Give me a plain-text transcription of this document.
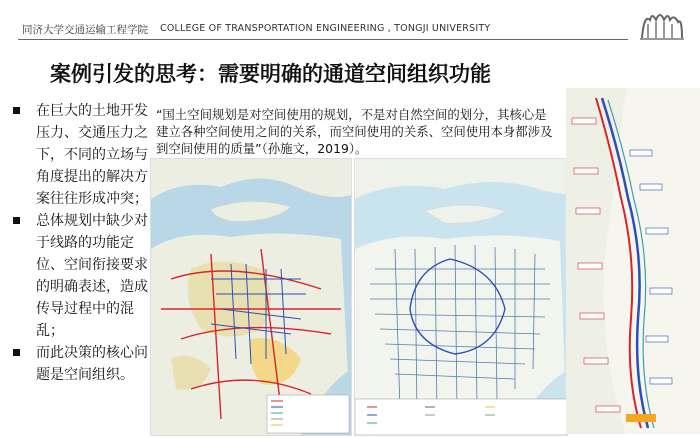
同济大学交通运输工程学院 COLLEGE OF TRANSPORTATION ENGINEERING , TONGJI UNIVERSITY
案例引发的思考：需要明确的通道空间组织功能
在巨大的土地开发压力、交通压力之下，不同的立场与角度提出的解决方案往往形成冲突；
总体规划中缺少对于线路的功能定位、空间衔接要求的明确表述，造成传导过程中的混乱；
而此决策的核心问题是空间组织。
“国土空间规划是对空间使用的规划，不是对自然空间的划分，其核心是建立各种空间使用之间的关系，而空间使用的关系、空间使用本身都涉及到空间使用的质量”（孙施文，2019）。
